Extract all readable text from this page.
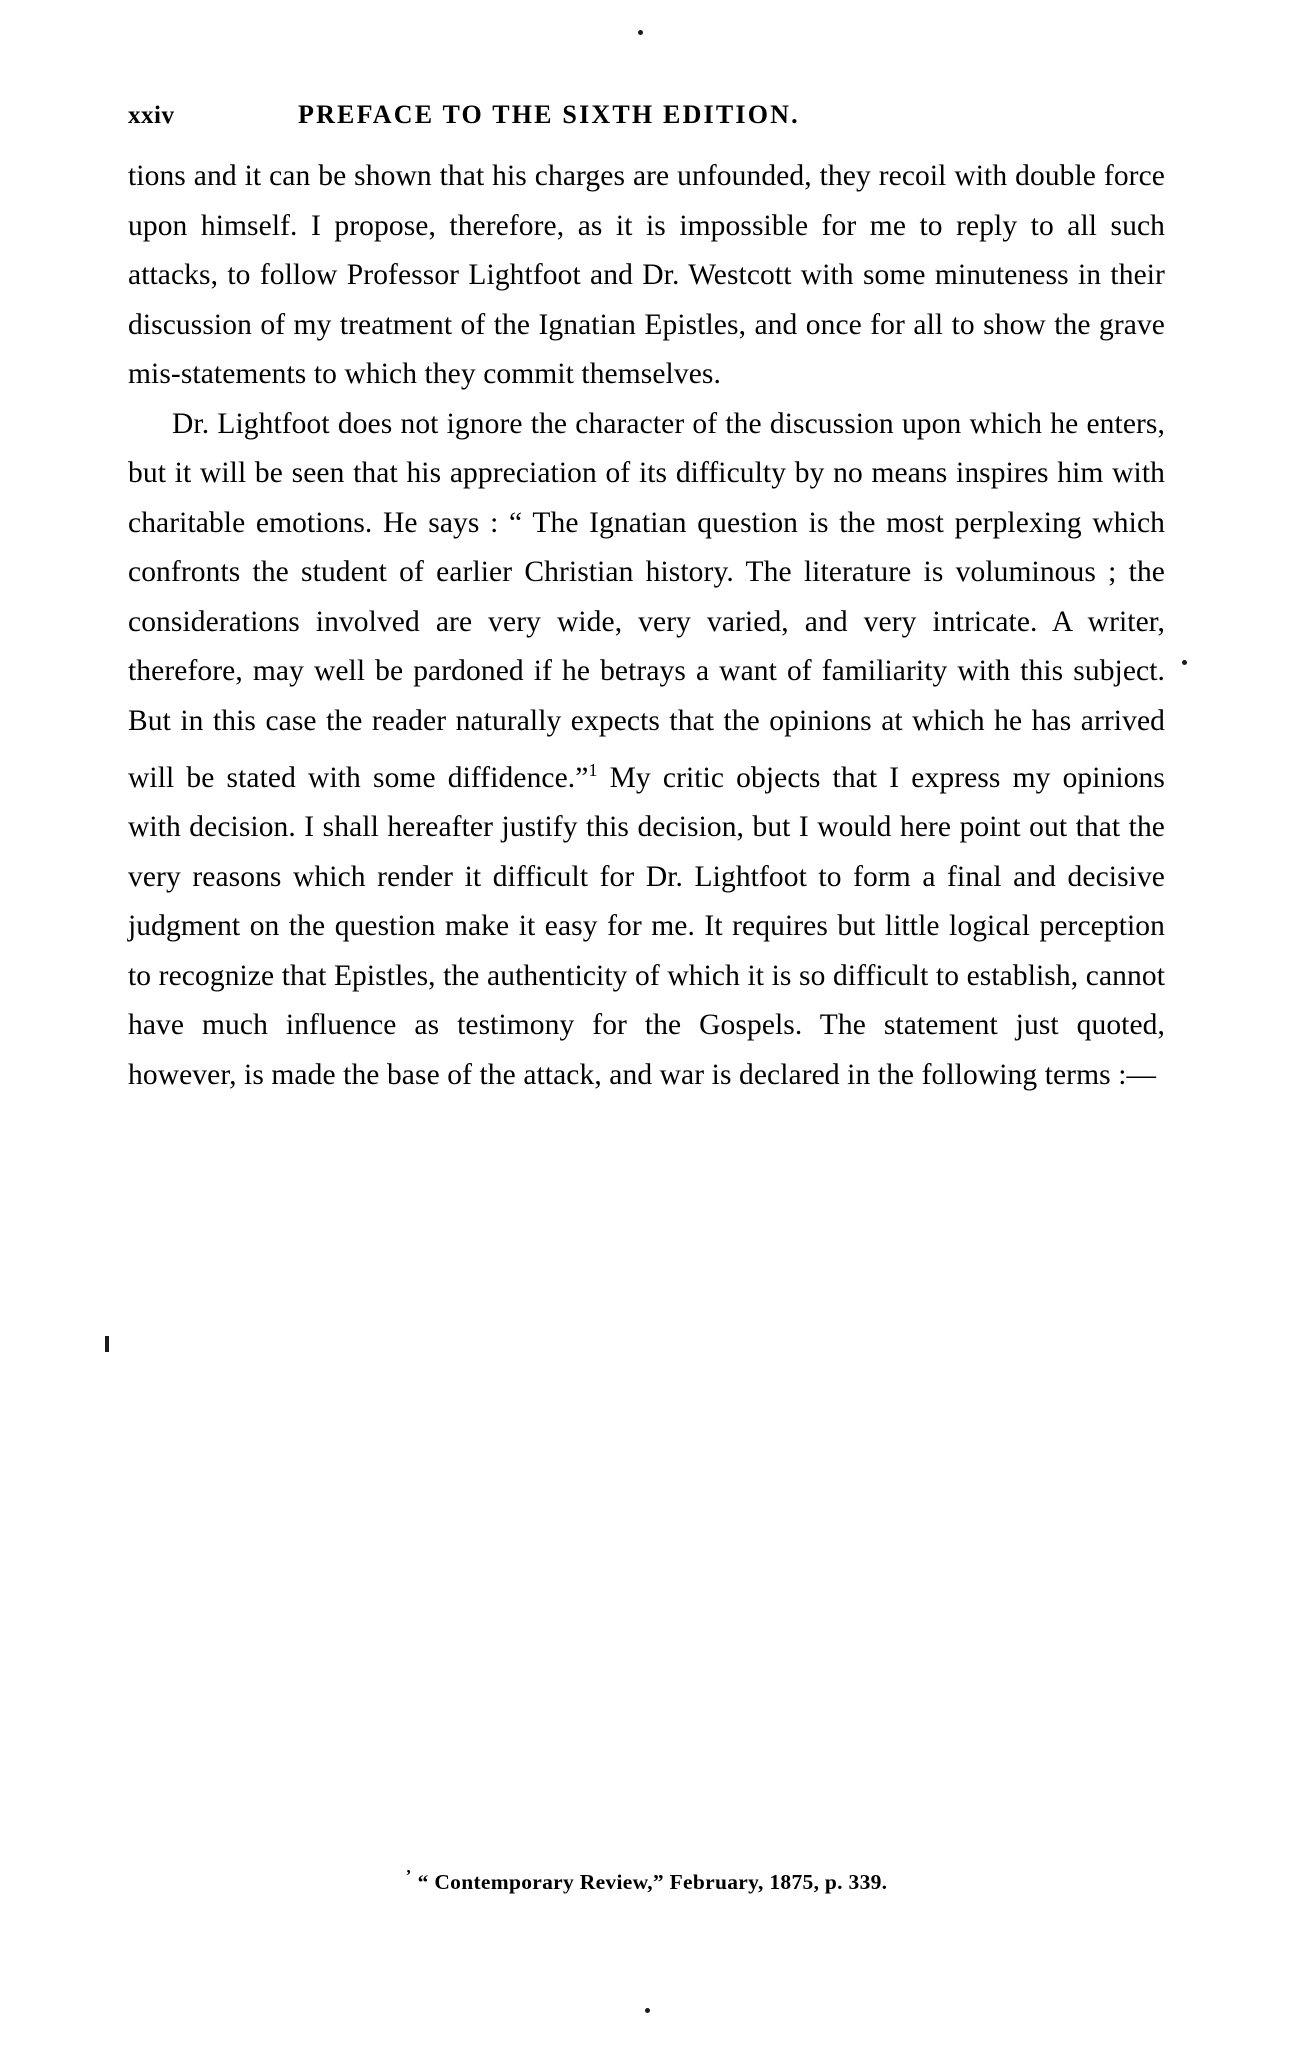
xxiv	PREFACE TO THE SIXTH EDITION.

tions and it can be shown that his charges are unfounded, they recoil with double force upon himself. I propose, therefore, as it is impossible for me to reply to all such attacks, to follow Professor Lightfoot and Dr. Westcott with some minuteness in their discussion of my treatment of the Ignatian Epistles, and once for all to show the grave mis-statements to which they commit themselves.

Dr. Lightfoot does not ignore the character of the discussion upon which he enters, but it will be seen that his appreciation of its difficulty by no means inspires him with charitable emotions. He says : “ The Ignatian question is the most perplexing which confronts the student of earlier Christian history. The literature is voluminous ; the considerations involved are very wide, very varied, and very intricate. A writer, therefore, may well be pardoned if he betrays a want of familiarity with this subject. But in this case the reader naturally expects that the opinions at which he has arrived will be stated with some diffidence.”$^1$ My critic objects that I express my opinions with decision. I shall hereafter justify this decision, but I would here point out that the very reasons which render it difficult for Dr. Lightfoot to form a final and decisive judgment on the question make it easy for me. It requires but little logical perception to recognize that Epistles, the authenticity of which it is so difficult to establish, cannot have much influence as testimony for the Gospels. The statement just quoted, however, is made the base of the attack, and war is declared in the following terms :—

’ “ Contemporary Review,” February, 1875, p. 339.
